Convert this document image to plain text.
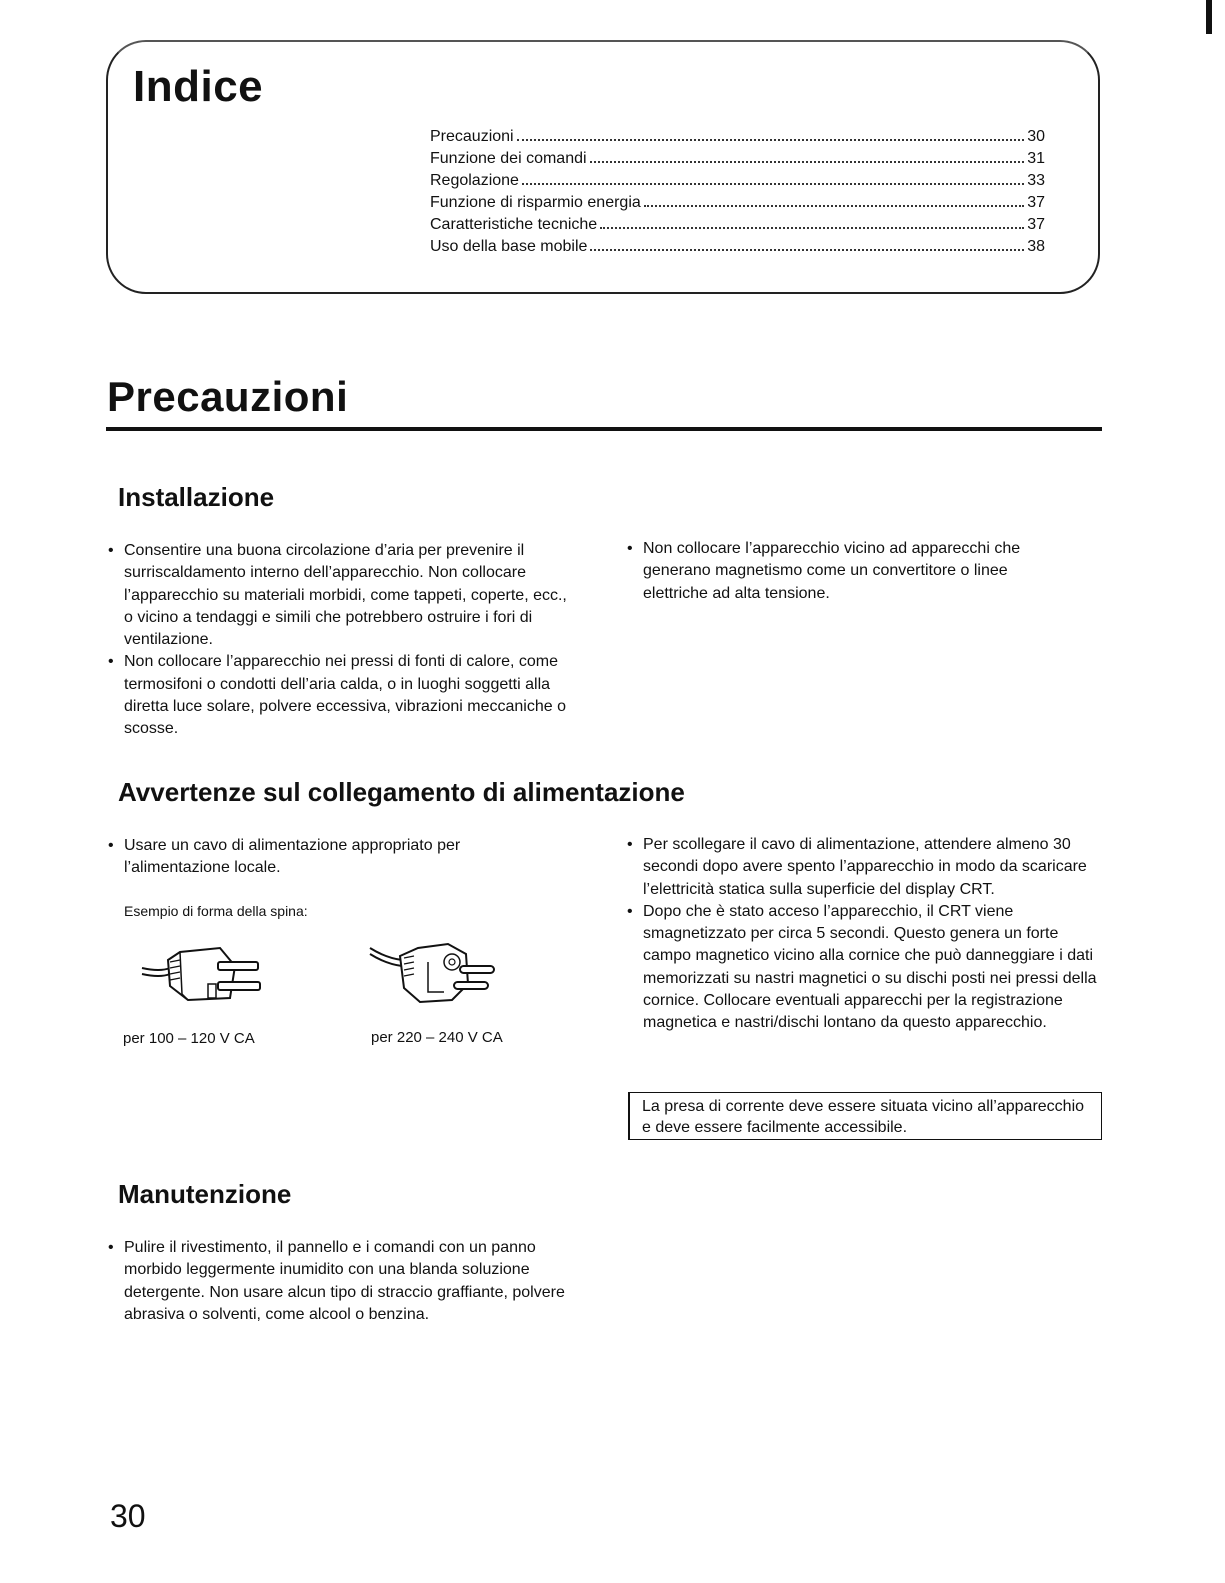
Indice
Precauzioni	30
Funzione dei comandi	31
Regolazione	33
Funzione di risparmio energia	37
Caratteristiche tecniche	37
Uso della base mobile	38
Precauzioni
Installazione
• Consentire una buona circolazione d’aria per prevenire il surriscaldamento interno dell’apparecchio. Non collocare l’apparecchio su materiali morbidi, come tappeti, coperte, ecc., o vicino a tendaggi e simili che potrebbero ostruire i fori di ventilazione.
• Non collocare l’apparecchio nei pressi di fonti di calore, come termosifoni o condotti dell’aria calda, o in luoghi soggetti alla diretta luce solare, polvere eccessiva, vibrazioni meccaniche o scosse.
• Non collocare l’apparecchio vicino ad apparecchi che generano magnetismo come un convertitore o linee elettriche ad alta tensione.
Avvertenze sul collegamento di alimentazione
• Usare un cavo di alimentazione appropriato per l’alimentazione locale.
Esempio di forma della spina:
per 100 – 120 V CA	per 220 – 240 V CA
• Per scollegare il cavo di alimentazione, attendere almeno 30 secondi dopo avere spento l’apparecchio in modo da scaricare l’elettricità statica sulla superficie del display CRT.
• Dopo che è stato acceso l’apparecchio, il CRT viene smagnetizzato per circa 5 secondi. Questo genera un forte campo magnetico vicino alla cornice che può danneggiare i dati memorizzati su nastri magnetici o su dischi posti nei pressi della cornice. Collocare eventuali apparecchi per la registrazione magnetica e nastri/dischi lontano da questo apparecchio.
La presa di corrente deve essere situata vicino all’apparecchio e deve essere facilmente accessibile.
Manutenzione
• Pulire il rivestimento, il pannello e i comandi con un panno morbido leggermente inumidito con una blanda soluzione detergente. Non usare alcun tipo di straccio graffiante, polvere abrasiva o solventi, come alcool o benzina.
30
